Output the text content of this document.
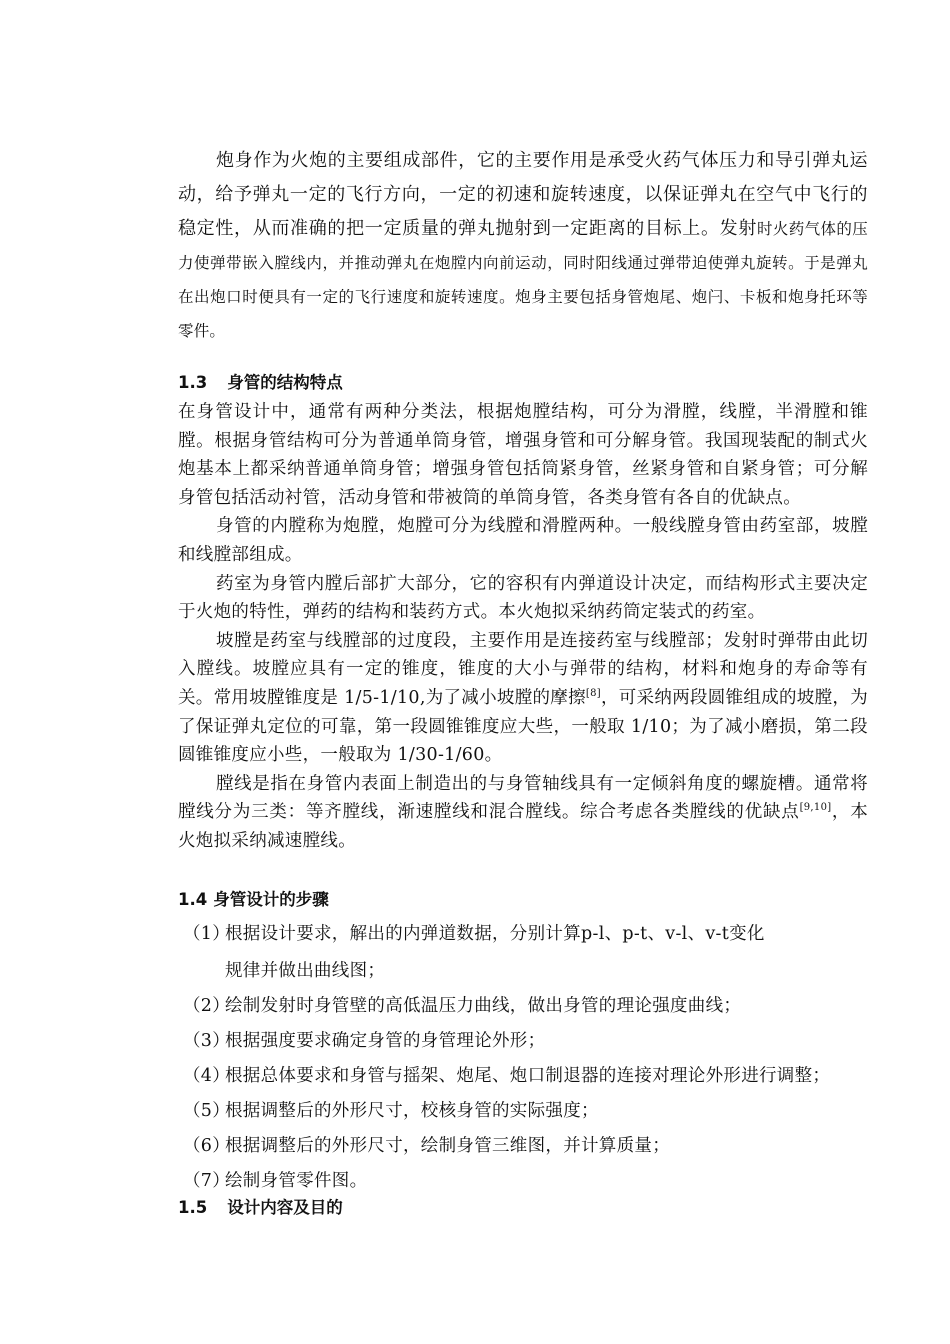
炮身作为火炮的主要组成部件，它的主要作用是承受火药气体压力和导引弹丸运动，给予弹丸一定的飞行方向，一定的初速和旋转速度，以保证弹丸在空气中飞行的稳定性，从而准确的把一定质量的弹丸抛射到一定距离的目标上。发射时火药气体的压力使弹带嵌入膛线内，并推动弹丸在炮膛内向前运动，同时阳线通过弹带迫使弹丸旋转。于是弹丸在出炮口时便具有一定的飞行速度和旋转速度。炮身主要包括身管炮尾、炮闩、卡板和炮身托环等零件。

1.3 身管的结构特点

在身管设计中，通常有两种分类法，根据炮膛结构，可分为滑膛，线膛，半滑膛和锥膛。根据身管结构可分为普通单筒身管，增强身管和可分解身管。我国现装配的制式火炮基本上都采纳普通单筒身管；增强身管包括筒紧身管，丝紧身管和自紧身管；可分解身管包括活动衬管，活动身管和带被筒的单筒身管，各类身管有各自的优缺点。

身管的内膛称为炮膛，炮膛可分为线膛和滑膛两种。一般线膛身管由药室部，坡膛和线膛部组成。

药室为身管内膛后部扩大部分，它的容积有内弹道设计决定，而结构形式主要决定于火炮的特性，弹药的结构和装药方式。本火炮拟采纳药筒定装式的药室。

坡膛是药室与线膛部的过度段，主要作用是连接药室与线膛部；发射时弹带由此切入膛线。坡膛应具有一定的锥度，锥度的大小与弹带的结构，材料和炮身的寿命等有关。常用坡膛锥度是 1/5-1/10,为了减小坡膛的摩擦[8]，可采纳两段圆锥组成的坡膛，为了保证弹丸定位的可靠，第一段圆锥锥度应大些，一般取 1/10；为了减小磨损，第二段圆锥锥度应小些，一般取为 1/30-1/60。

膛线是指在身管内表面上制造出的与身管轴线具有一定倾斜角度的螺旋槽。通常将膛线分为三类：等齐膛线，渐速膛线和混合膛线。综合考虑各类膛线的优缺点[9,10]，本火炮拟采纳减速膛线。

1.4 身管设计的步骤

（1）根据设计要求，解出的内弹道数据，分别计算p-l、p-t、v-l、v-t变化

规律并做出曲线图；

（2）绘制发射时身管壁的高低温压力曲线，做出身管的理论强度曲线；

（3）根据强度要求确定身管的身管理论外形；

（4）根据总体要求和身管与摇架、炮尾、炮口制退器的连接对理论外形进行调整；

（5）根据调整后的外形尺寸，校核身管的实际强度；

（6）根据调整后的外形尺寸，绘制身管三维图，并计算质量；

（7）绘制身管零件图。

1.5 设计内容及目的
